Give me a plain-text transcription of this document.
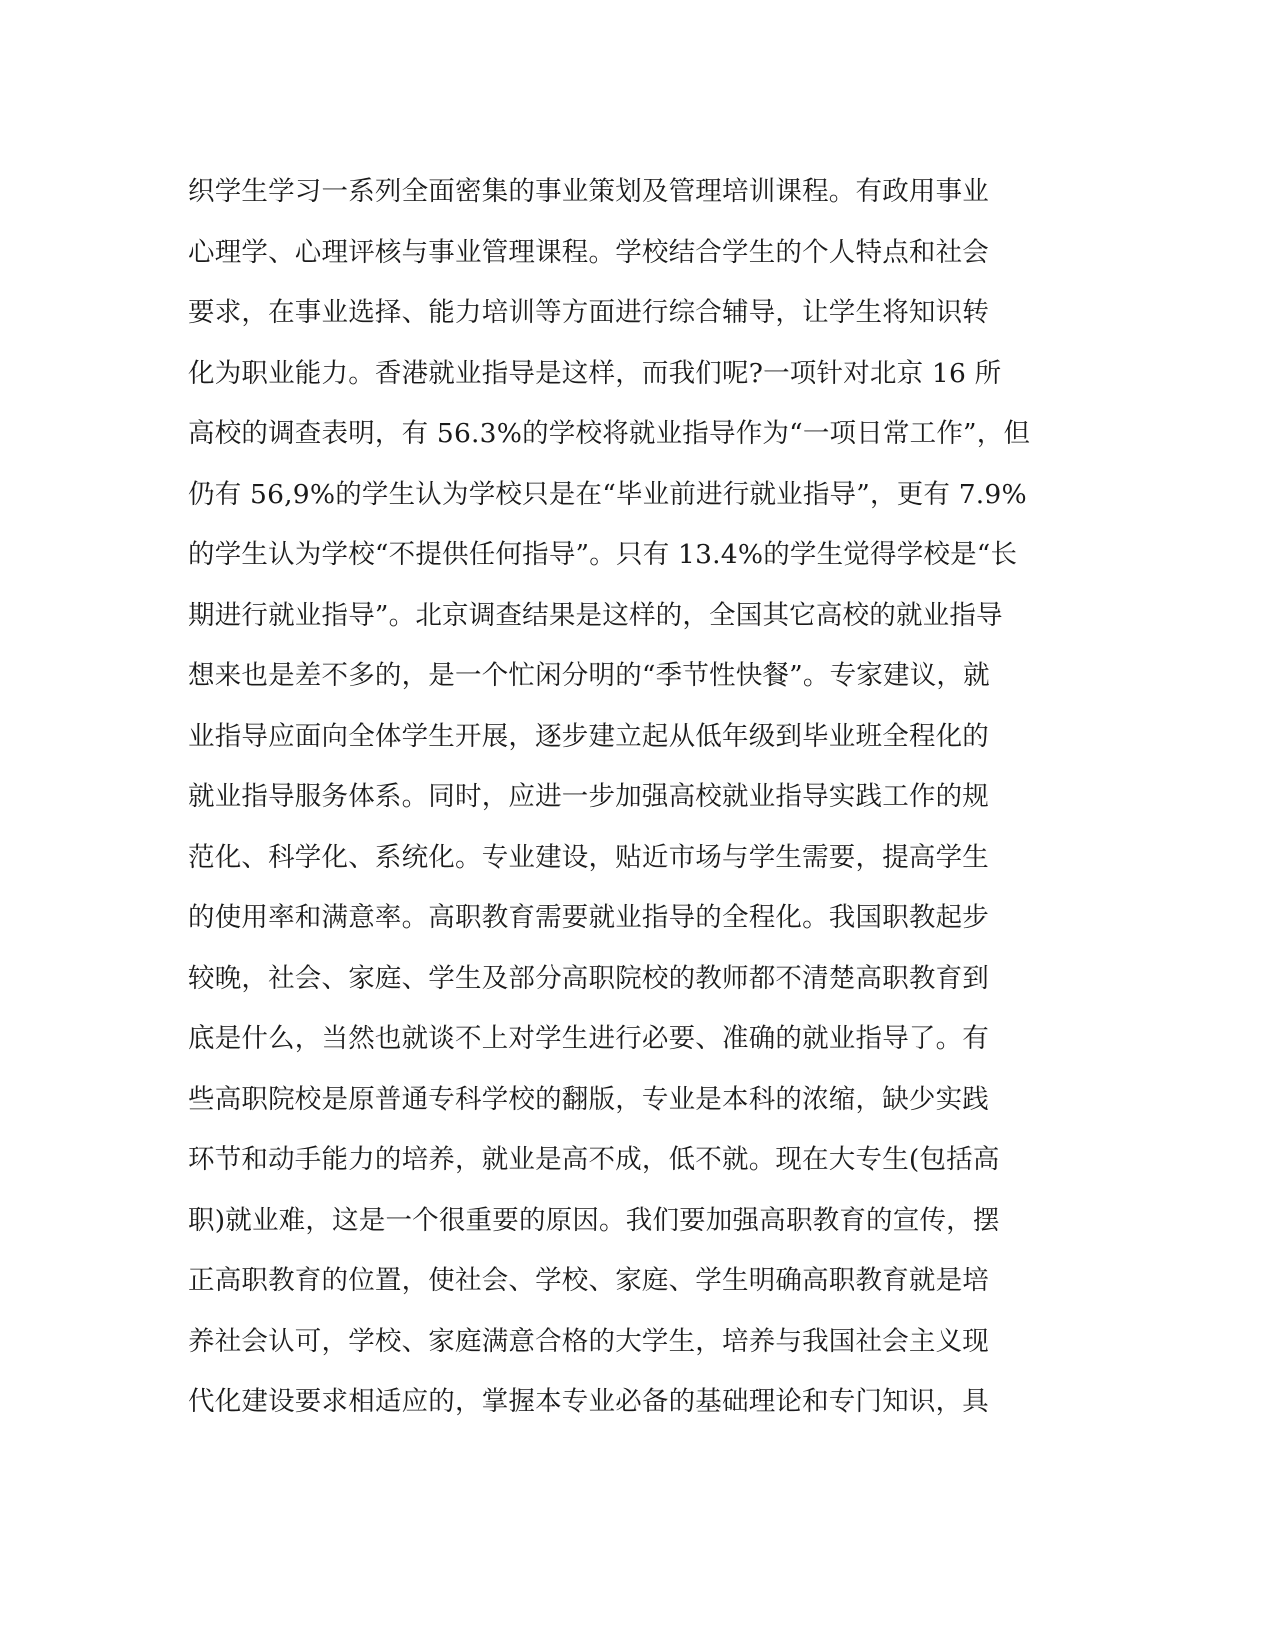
织学生学习一系列全面密集的事业策划及管理培训课程。有政用事业
心理学、心理评核与事业管理课程。学校结合学生的个人特点和社会
要求，在事业选择、能力培训等方面进行综合辅导，让学生将知识转
化为职业能力。香港就业指导是这样，而我们呢?一项针对北京 16 所
高校的调查表明，有 56.3%的学校将就业指导作为“一项日常工作”，但
仍有 56,9%的学生认为学校只是在“毕业前进行就业指导”，更有 7.9%
的学生认为学校“不提供任何指导”。只有 13.4%的学生觉得学校是“长
期进行就业指导”。北京调查结果是这样的，全国其它高校的就业指导
想来也是差不多的，是一个忙闲分明的“季节性快餐”。专家建议，就
业指导应面向全体学生开展，逐步建立起从低年级到毕业班全程化的
就业指导服务体系。同时，应进一步加强高校就业指导实践工作的规
范化、科学化、系统化。专业建设，贴近市场与学生需要，提高学生
的使用率和满意率。高职教育需要就业指导的全程化。我国职教起步
较晚，社会、家庭、学生及部分高职院校的教师都不清楚高职教育到
底是什么，当然也就谈不上对学生进行必要、准确的就业指导了。有
些高职院校是原普通专科学校的翻版，专业是本科的浓缩，缺少实践
环节和动手能力的培养，就业是高不成，低不就。现在大专生(包括高
职)就业难，这是一个很重要的原因。我们要加强高职教育的宣传，摆
正高职教育的位置，使社会、学校、家庭、学生明确高职教育就是培
养社会认可，学校、家庭满意合格的大学生，培养与我国社会主义现
代化建设要求相适应的，掌握本专业必备的基础理论和专门知识，具
